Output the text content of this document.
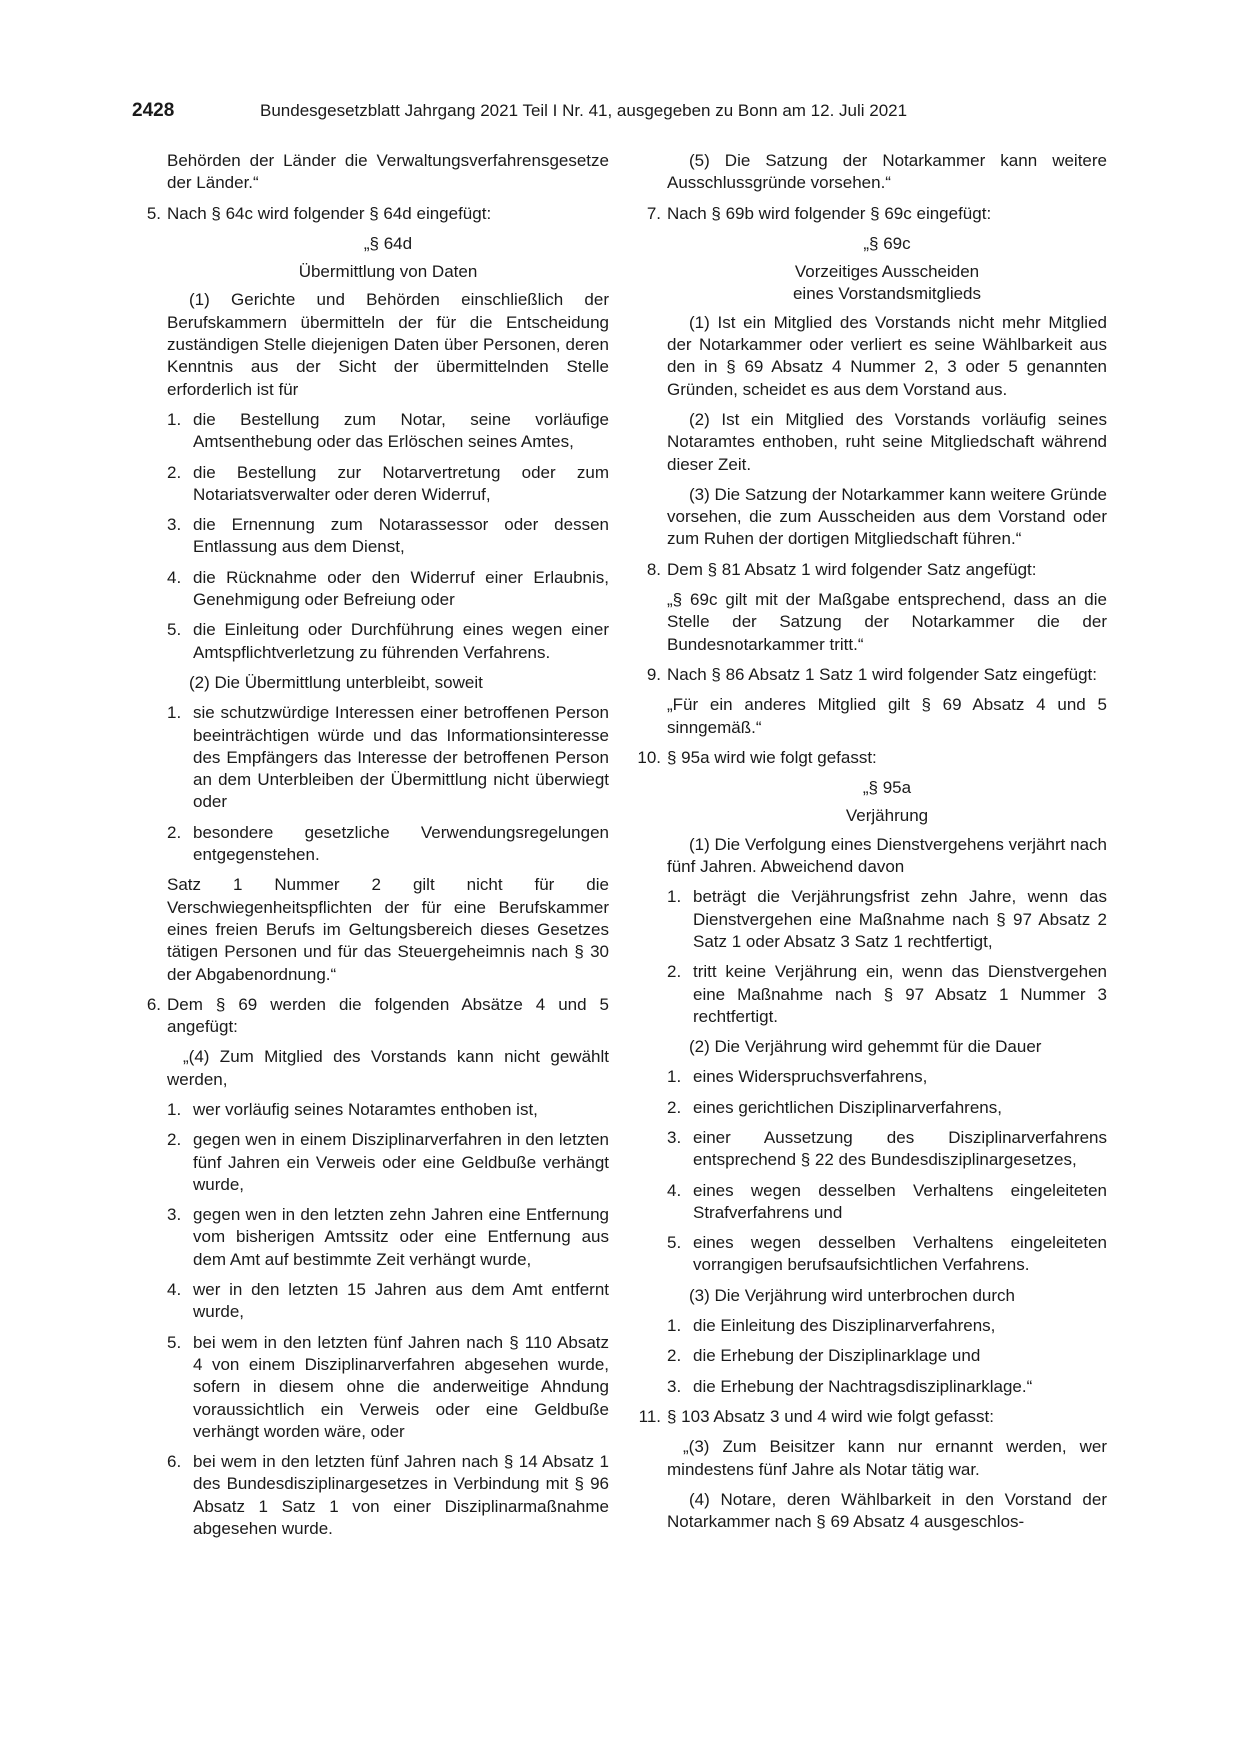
2428	Bundesgesetzblatt Jahrgang 2021 Teil I Nr. 41, ausgegeben zu Bonn am 12. Juli 2021

Behörden der Länder die Verwaltungsverfahrensgesetze der Länder.“

5. Nach § 64c wird folgender § 64d eingefügt:

„§ 64d

Übermittlung von Daten

(1) Gerichte und Behörden einschließlich der Berufskammern übermitteln der für die Entscheidung zuständigen Stelle diejenigen Daten über Personen, deren Kenntnis aus der Sicht der übermittelnden Stelle erforderlich ist für

1. die Bestellung zum Notar, seine vorläufige Amtsenthebung oder das Erlöschen seines Amtes,
2. die Bestellung zur Notarvertretung oder zum Notariatsverwalter oder deren Widerruf,
3. die Ernennung zum Notarassessor oder dessen Entlassung aus dem Dienst,
4. die Rücknahme oder den Widerruf einer Erlaubnis, Genehmigung oder Befreiung oder
5. die Einleitung oder Durchführung eines wegen einer Amtspflichtverletzung zu führenden Verfahrens.

(2) Die Übermittlung unterbleibt, soweit

1. sie schutzwürdige Interessen einer betroffenen Person beeinträchtigen würde und das Informationsinteresse des Empfängers das Interesse der betroffenen Person an dem Unterbleiben der Übermittlung nicht überwiegt oder
2. besondere gesetzliche Verwendungsregelungen entgegenstehen.

Satz 1 Nummer 2 gilt nicht für die Verschwiegenheitspflichten der für eine Berufskammer eines freien Berufs im Geltungsbereich dieses Gesetzes tätigen Personen und für das Steuergeheimnis nach § 30 der Abgabenordnung.“

6. Dem § 69 werden die folgenden Absätze 4 und 5 angefügt:

„(4) Zum Mitglied des Vorstands kann nicht gewählt werden,

1. wer vorläufig seines Notaramtes enthoben ist,
2. gegen wen in einem Disziplinarverfahren in den letzten fünf Jahren ein Verweis oder eine Geldbuße verhängt wurde,
3. gegen wen in den letzten zehn Jahren eine Entfernung vom bisherigen Amtssitz oder eine Entfernung aus dem Amt auf bestimmte Zeit verhängt wurde,
4. wer in den letzten 15 Jahren aus dem Amt entfernt wurde,
5. bei wem in den letzten fünf Jahren nach § 110 Absatz 4 von einem Disziplinarverfahren abgesehen wurde, sofern in diesem ohne die anderweitige Ahndung voraussichtlich ein Verweis oder eine Geldbuße verhängt worden wäre, oder
6. bei wem in den letzten fünf Jahren nach § 14 Absatz 1 des Bundesdisziplinargesetzes in Verbindung mit § 96 Absatz 1 Satz 1 von einer Disziplinarmaßnahme abgesehen wurde.

(5) Die Satzung der Notarkammer kann weitere Ausschlussgründe vorsehen.“

7. Nach § 69b wird folgender § 69c eingefügt:

„§ 69c

Vorzeitiges Ausscheiden

eines Vorstandsmitglieds

(1) Ist ein Mitglied des Vorstands nicht mehr Mitglied der Notarkammer oder verliert es seine Wählbarkeit aus den in § 69 Absatz 4 Nummer 2, 3 oder 5 genannten Gründen, scheidet es aus dem Vorstand aus.

(2) Ist ein Mitglied des Vorstands vorläufig seines Notaramtes enthoben, ruht seine Mitgliedschaft während dieser Zeit.

(3) Die Satzung der Notarkammer kann weitere Gründe vorsehen, die zum Ausscheiden aus dem Vorstand oder zum Ruhen der dortigen Mitgliedschaft führen.“

8. Dem § 81 Absatz 1 wird folgender Satz angefügt:

„§ 69c gilt mit der Maßgabe entsprechend, dass an die Stelle der Satzung der Notarkammer die der Bundesnotarkammer tritt.“

9. Nach § 86 Absatz 1 Satz 1 wird folgender Satz eingefügt:

„Für ein anderes Mitglied gilt § 69 Absatz 4 und 5 sinngemäß.“

10. § 95a wird wie folgt gefasst:

„§ 95a

Verjährung

(1) Die Verfolgung eines Dienstvergehens verjährt nach fünf Jahren. Abweichend davon

1. beträgt die Verjährungsfrist zehn Jahre, wenn das Dienstvergehen eine Maßnahme nach § 97 Absatz 2 Satz 1 oder Absatz 3 Satz 1 rechtfertigt,
2. tritt keine Verjährung ein, wenn das Dienstvergehen eine Maßnahme nach § 97 Absatz 1 Nummer 3 rechtfertigt.

(2) Die Verjährung wird gehemmt für die Dauer

1. eines Widerspruchsverfahrens,
2. eines gerichtlichen Disziplinarverfahrens,
3. einer Aussetzung des Disziplinarverfahrens entsprechend § 22 des Bundesdisziplinargesetzes,
4. eines wegen desselben Verhaltens eingeleiteten Strafverfahrens und
5. eines wegen desselben Verhaltens eingeleiteten vorrangigen berufsaufsichtlichen Verfahrens.

(3) Die Verjährung wird unterbrochen durch

1. die Einleitung des Disziplinarverfahrens,
2. die Erhebung der Disziplinarklage und
3. die Erhebung der Nachtragsdisziplinarklage.“
11. § 103 Absatz 3 und 4 wird wie folgt gefasst:

„(3) Zum Beisitzer kann nur ernannt werden, wer mindestens fünf Jahre als Notar tätig war.

(4) Notare, deren Wählbarkeit in den Vorstand der Notarkammer nach § 69 Absatz 4 ausgeschlos-
